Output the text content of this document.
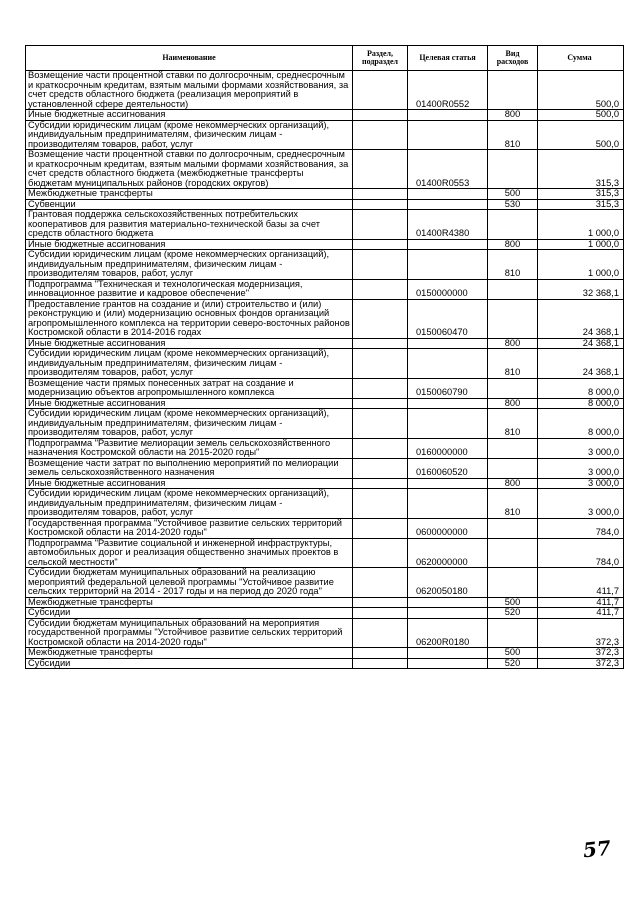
Наименование	Раздел, подраздел	Целевая статья	Вид расходов	Сумма
Возмещение части процентной ставки по долгосрочным, среднесрочным и краткосрочным кредитам, взятым малыми формами хозяйствования, за счет средств областного бюджета (реализация мероприятий в установленной сфере деятельности)		01400R0552		500,0
Иные бюджетные ассигнования			800	500,0
Субсидии юридическим лицам (кроме некоммерческих организаций), индивидуальным предпринимателям, физическим лицам - производителям товаров, работ, услуг			810	500,0
Возмещение части процентной ставки по долгосрочным, среднесрочным и краткосрочным кредитам, взятым малыми формами хозяйствования, за счет средств областного бюджета (межбюджетные трансферты бюджетам муниципальных районов (городских округов)		01400R0553		315,3
Межбюджетные трансферты			500	315,3
Субвенции			530	315,3
Грантовая поддержка сельскохозяйственных потребительских кооперативов для развития материально-технической базы за счет средств областного бюджета		01400R4380		1 000,0
Иные бюджетные ассигнования			800	1 000,0
Субсидии юридическим лицам (кроме некоммерческих организаций), индивидуальным предпринимателям, физическим лицам - производителям товаров, работ, услуг			810	1 000,0
Подпрограмма "Техническая и технологическая модернизация, инновационное развитие и кадровое обеспечение"		0150000000		32 368,1
Предоставление грантов на создание и (или) строительство и (или) реконструкцию и (или) модернизацию основных фондов организаций агропромышленного комплекса на территории северо-восточных районов Костромской области в 2014-2016 годах		0150060470		24 368,1
Иные бюджетные ассигнования			800	24 368,1
Субсидии юридическим лицам (кроме некоммерческих организаций), индивидуальным предпринимателям, физическим лицам - производителям товаров, работ, услуг			810	24 368,1
Возмещение части прямых понесенных затрат на создание и модернизацию объектов агропромышленного комплекса		0150060790		8 000,0
Иные бюджетные ассигнования			800	8 000,0
Субсидии юридическим лицам (кроме некоммерческих организаций), индивидуальным предпринимателям, физическим лицам - производителям товаров, работ, услуг			810	8 000,0
Подпрограмма "Развитие мелиорации земель сельскохозяйственного назначения Костромской области на 2015-2020 годы"		0160000000		3 000,0
Возмещение части затрат по выполнению мероприятий по мелиорации земель сельскохозяйственного назначения		0160060520		3 000,0
Иные бюджетные ассигнования			800	3 000,0
Субсидии юридическим лицам (кроме некоммерческих организаций), индивидуальным предпринимателям, физическим лицам - производителям товаров, работ, услуг			810	3 000,0
Государственная программа "Устойчивое развитие сельских территорий Костромской области на 2014-2020 годы"		0600000000		784,0
Подпрограмма "Развитие социальной и инженерной инфраструктуры, автомобильных дорог и реализация общественно значимых проектов в сельской местности"		0620000000		784,0
Субсидии бюджетам муниципальных образований на реализацию мероприятий федеральной целевой программы "Устойчивое развитие сельских территорий на 2014 - 2017 годы и на период до 2020 года"		0620050180		411,7
Межбюджетные трансферты			500	411,7
Субсидии			520	411,7
Субсидии бюджетам муниципальных образований на мероприятия государственной программы "Устойчивое развитие сельских территорий Костромской области на 2014-2020 годы"		06200R0180		372,3
Межбюджетные трансферты			500	372,3
Субсидии			520	372,3
57
